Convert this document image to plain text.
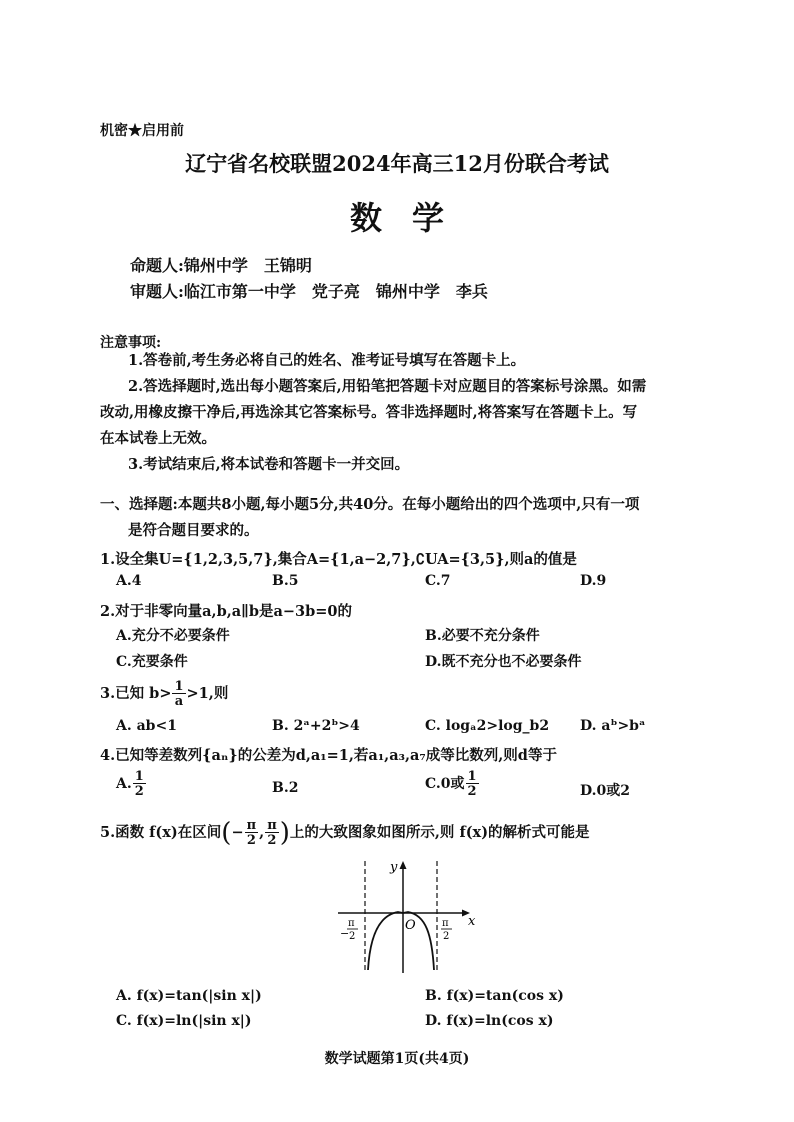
机密★启用前
辽宁省名校联盟2024年高三12月份联合考试
数学
命题人:锦州中学　王锦明
审题人:临江市第一中学　党子亮　锦州中学　李兵
注意事项:
1.答卷前,考生务必将自己的姓名、准考证号填写在答题卡上。
2.答选择题时,选出每小题答案后,用铅笔把答题卡对应题目的答案标号涂黑。如需
改动,用橡皮擦干净后,再选涂其它答案标号。答非选择题时,将答案写在答题卡上。写
在本试卷上无效。
3.考试结束后,将本试卷和答题卡一并交回。
一、选择题:本题共8小题,每小题5分,共40分。在每小题给出的四个选项中,只有一项
是符合题目要求的。
1.设全集U={1,2,3,5,7},集合A={1,a−2,7},∁UA={3,5},则a的值是
A.4	B.5	C.7	D.9
2.对于非零向量a,b,a∥b是a−3b=0的
A.充分不必要条件	B.必要不充分条件
C.充要条件	D.既不充分也不必要条件
3.已知 $b> \frac{1}{a} >1$,则
A. ab<1	B. 2ᵃ+2ᵇ>4	C. logₐ2>log_b2 D. aᵇ>bᵃ
4.已知等差数列{aₙ}的公差为d,a₁=1,若a₁,a₃,a₇成等比数列,则d等于
A. $\frac{1}{2}$	B.2	C.0或 $\frac{1}{2}$	D.0或2
5.函数 f(x)在区间(− $\frac{\pi}{2}$ , $\frac{\pi}{2}$ )上的大致图象如图所示,则 f(x)的解析式可能是
y
x
O
−
π
2
π
2
A. f(x)=tan(|sin x|)	B. f(x)=tan(cos x)
C. f(x)=ln(|sin x|)	D. f(x)=ln(cos x)
数学试题第1页(共4页)
